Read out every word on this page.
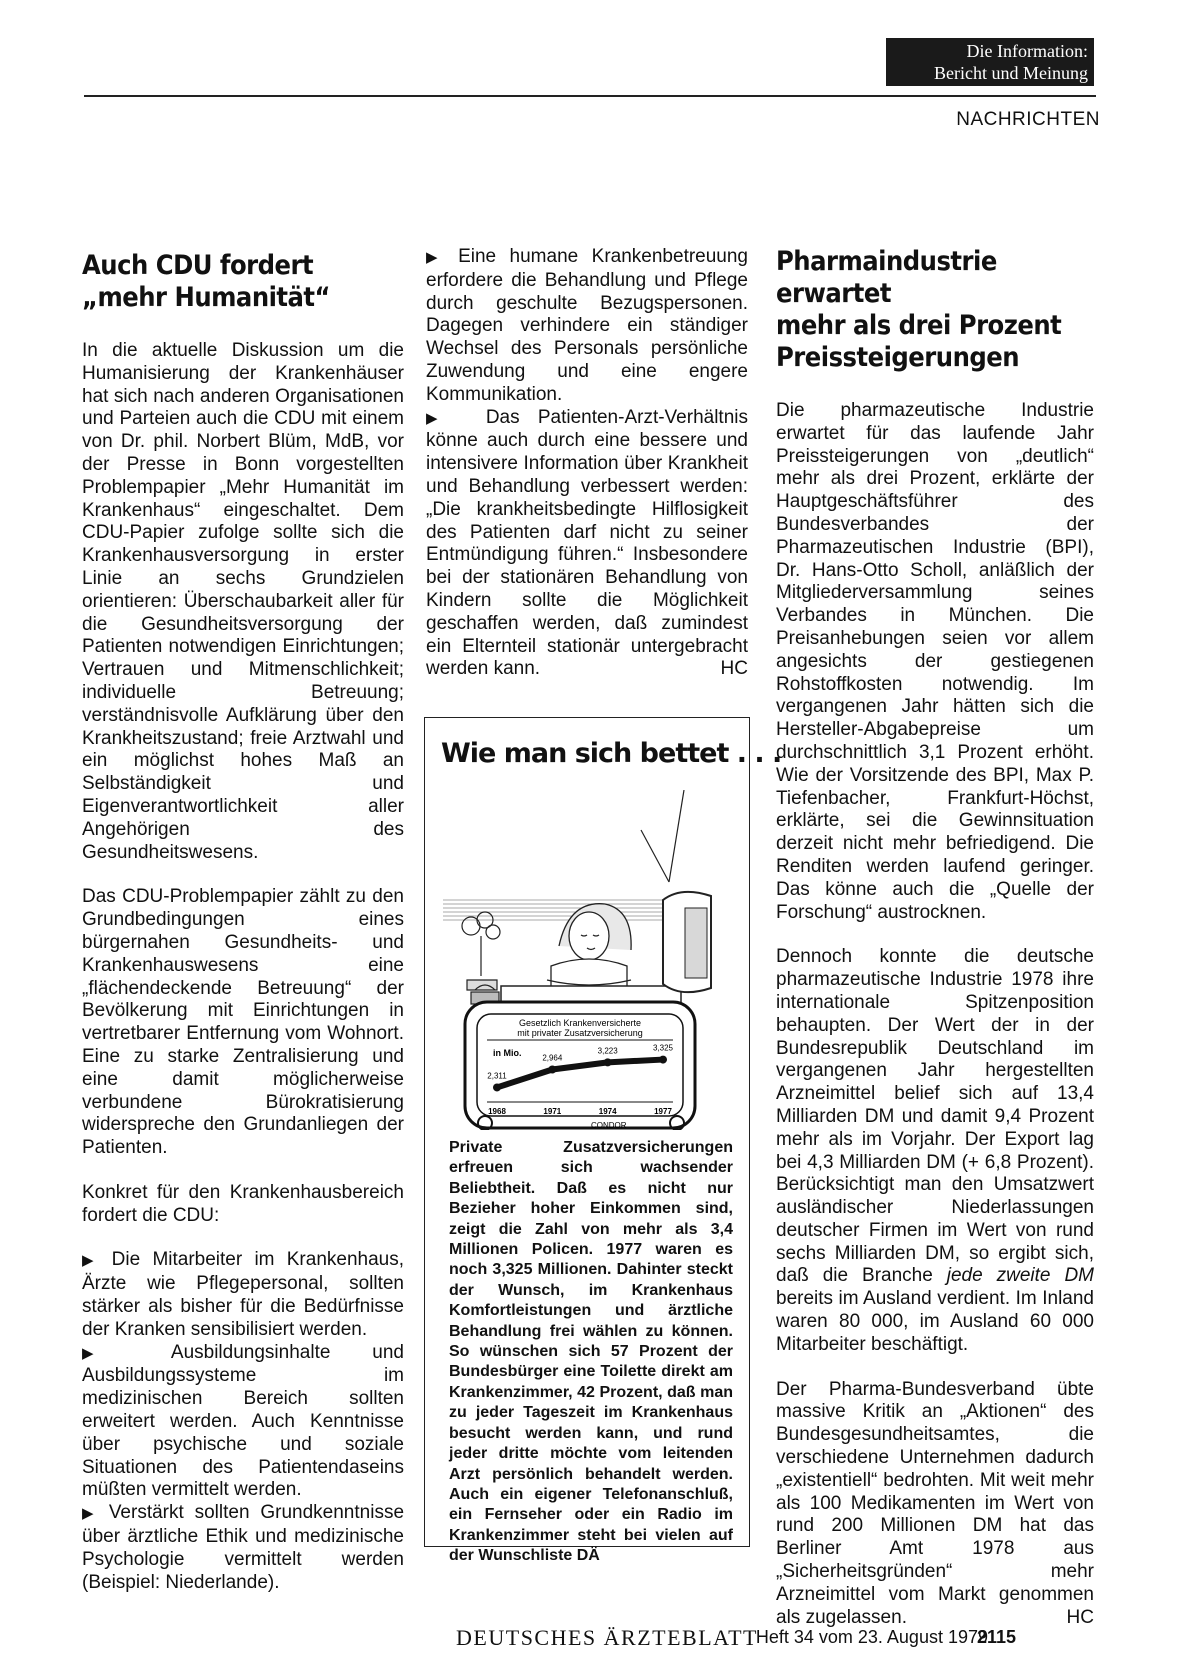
Die Information:
Bericht und Meinung
NACHRICHTEN
Auch CDU fordert
„mehr Humanität“

In die aktuelle Diskussion um die Humanisierung der Krankenhäuser hat sich nach anderen Organisationen und Parteien auch die CDU mit einem von Dr. phil. Norbert Blüm, MdB, vor der Presse in Bonn vorgestellten Problempapier „Mehr Humanität im Krankenhaus“ eingeschaltet. Dem CDU-Papier zufolge sollte sich die Krankenhausversorgung in erster Linie an sechs Grundzielen orientieren: Überschaubarkeit aller für die Gesundheitsversorgung der Patienten notwendigen Einrichtungen; Vertrauen und Mitmenschlichkeit; individuelle Betreuung; verständnisvolle Aufklärung über den Krankheitszustand; freie Arztwahl und ein möglichst hohes Maß an Selbständigkeit und Eigenverantwortlichkeit aller Angehörigen des Gesundheitswesens.

Das CDU-Problempapier zählt zu den Grundbedingungen eines bürgernahen Gesundheits- und Krankenhauswesens eine „flächendeckende Betreuung“ der Bevölkerung mit Einrichtungen in vertretbarer Entfernung vom Wohnort. Eine zu starke Zentralisierung und eine damit möglicherweise verbundene Bürokratisierung widerspreche den Grundanliegen der Patienten.

Konkret für den Krankenhausbereich fordert die CDU:

▶ Die Mitarbeiter im Krankenhaus, Ärzte wie Pflegepersonal, sollten stärker als bisher für die Bedürfnisse der Kranken sensibilisiert werden.

▶ Ausbildungsinhalte und Ausbildungssysteme im medizinischen Bereich sollten erweitert werden. Auch Kenntnisse über psychische und soziale Situationen des Patientendaseins müßten vermittelt werden.

▶ Verstärkt sollten Grundkenntnisse über ärztliche Ethik und medizinische Psychologie vermittelt werden (Beispiel: Niederlande).

▶ Eine humane Krankenbetreuung erfordere die Behandlung und Pflege durch geschulte Bezugspersonen. Dagegen verhindere ein ständiger Wechsel des Personals persönliche Zuwendung und eine engere Kommunikation.

▶ Das Patienten-Arzt-Verhältnis könne auch durch eine bessere und intensivere Information über Krankheit und Behandlung verbessert werden: „Die krankheitsbedingte Hilflosigkeit des Patienten darf nicht zu seiner Entmündigung führen.“ Insbesondere bei der stationären Behandlung von Kindern sollte die Möglichkeit geschaffen werden, daß zumindest ein Elternteil stationär untergebracht werden kann.	HC

Wie man sich bettet . . .
Gesetzlich Krankenversicherte
mit privater Zusatzversicherung
in Mio.
2,311
2,964
3,223	3,325
1968	1971	1974	1977
CONDOR
Private Zusatzversicherungen erfreuen sich wachsender Beliebtheit. Daß es nicht nur Bezieher hoher Einkommen sind, zeigt die Zahl von mehr als 3,4 Millionen Policen. 1977 waren es noch 3,325 Millionen. Dahinter steckt der Wunsch, im Krankenhaus Komfortleistungen und ärztliche Behandlung frei wählen zu können. So wünschen sich 57 Prozent der Bundesbürger eine Toilette direkt am Krankenzimmer, 42 Prozent, daß man zu jeder Tageszeit im Krankenhaus besucht werden kann, und rund jeder dritte möchte vom leitenden Arzt persönlich behandelt werden. Auch ein eigener Telefonanschluß, ein Fernseher oder ein Radio im Krankenzimmer steht bei vielen auf der Wunschliste DÄ
Pharmaindustrie erwartet
mehr als drei Prozent
Preissteigerungen

Die pharmazeutische Industrie erwartet für das laufende Jahr Preissteigerungen von „deutlich“ mehr als drei Prozent, erklärte der Hauptgeschäftsführer des Bundesverbandes der Pharmazeutischen Industrie (BPI), Dr. Hans-Otto Scholl, anläßlich der Mitgliederversammlung seines Verbandes in München. Die Preisanhebungen seien vor allem angesichts der gestiegenen Rohstoffkosten notwendig. Im vergangenen Jahr hätten sich die Hersteller-Abgabepreise um durchschnittlich 3,1 Prozent erhöht. Wie der Vorsitzende des BPI, Max P. Tiefenbacher, Frankfurt-Höchst, erklärte, sei die Gewinnsituation derzeit nicht mehr befriedigend. Die Renditen werden laufend geringer. Das könne auch die „Quelle der Forschung“ austrocknen.

Dennoch konnte die deutsche pharmazeutische Industrie 1978 ihre internationale Spitzenposition behaupten. Der Wert der in der Bundesrepublik Deutschland im vergangenen Jahr hergestellten Arzneimittel belief sich auf 13,4 Milliarden DM und damit 9,4 Prozent mehr als im Vorjahr. Der Export lag bei 4,3 Milliarden DM (+ 6,8 Prozent). Berücksichtigt man den Umsatzwert ausländischer Niederlassungen deutscher Firmen im Wert von rund sechs Milliarden DM, so ergibt sich, daß die Branche jede zweite DM bereits im Ausland verdient. Im Inland waren 80 000, im Ausland 60 000 Mitarbeiter beschäftigt.

Der Pharma-Bundesverband übte massive Kritik an „Aktionen“ des Bundesgesundheitsamtes, die verschiedene Unternehmen dadurch „existentiell“ bedrohten. Mit weit mehr als 100 Medikamenten im Wert von rund 200 Millionen DM hat das Berliner Amt 1978 aus „Sicherheitsgründen“ mehr Arzneimittel vom Markt genommen als zugelassen.	HC

DEUTSCHES ÄRZTEBLATT
Heft 34 vom 23. August 1979
2115
